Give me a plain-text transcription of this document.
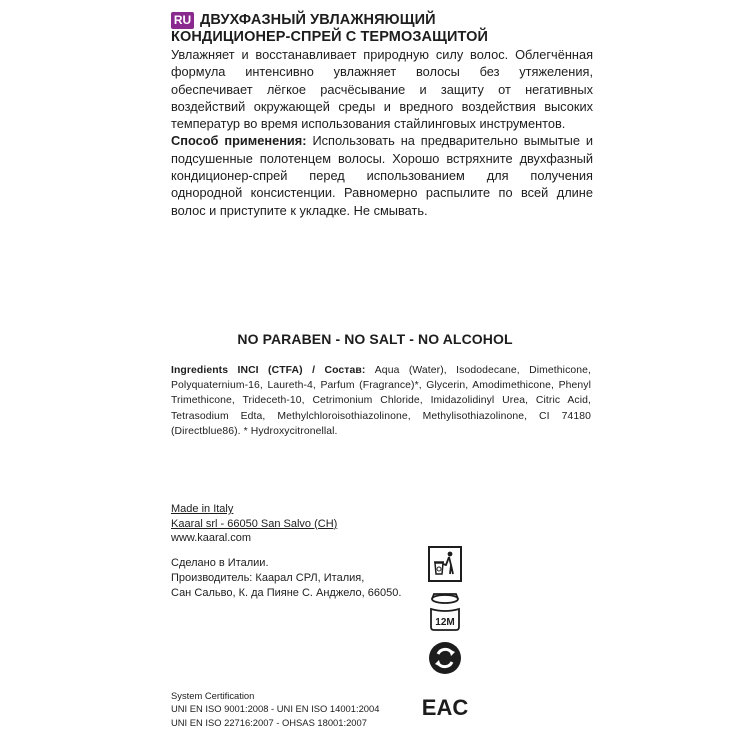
RU ДВУХФАЗНЫЙ УВЛАЖНЯЮЩИЙ
КОНДИЦИОНЕР-СПРЕЙ С ТЕРМОЗАЩИТОЙ

Увлажняет и восстанавливает природную силу волос. Облегчённая формула интенсивно увлажняет волосы без утяжеления, обеспечивает лёгкое расчёсывание и защиту от негативных воздействий окружающей среды и вредного воздействия высоких температур во время использования стайлинговых инструментов.

Способ применения: Использовать на предварительно вымытые и подсушенные полотенцем волосы. Хорошо встряхните двухфазный кондиционер-спрей перед использованием для получения однородной консистенции. Равномерно распылите по всей длине волос и приступите к укладке. Не смывать.

NO PARABEN - NO SALT - NO ALCOHOL
Ingredients INCI (CTFA) / Состав: Aqua (Water), Isododecane, Dimethicone, Polyquaternium-16, Laureth-4, Parfum (Fragrance)*, Glycerin, Amodimethicone, Phenyl Trimethicone, Trideceth-10, Cetrimonium Chloride, Imidazolidinyl Urea, Citric Acid, Tetrasodium Edta, Methylchloroisothiazolinone, Methylisothiazolinone, CI 74180 (Directblue86). * Hydroxycitronellal.
Made in Italy
Kaaral srl - 66050 San Salvo (CH)
www.kaaral.com
Сделано в Италии.
Производитель: Каарал СРЛ, Италия,
Сан Сальво, К. да Пияне С. Анджело, 66050.
System Certification
UNI EN ISO 9001:2008 - UNI EN ISO 14001:2004
UNI EN ISO 22716:2007 - OHSAS 18001:2007
12M
EAC
